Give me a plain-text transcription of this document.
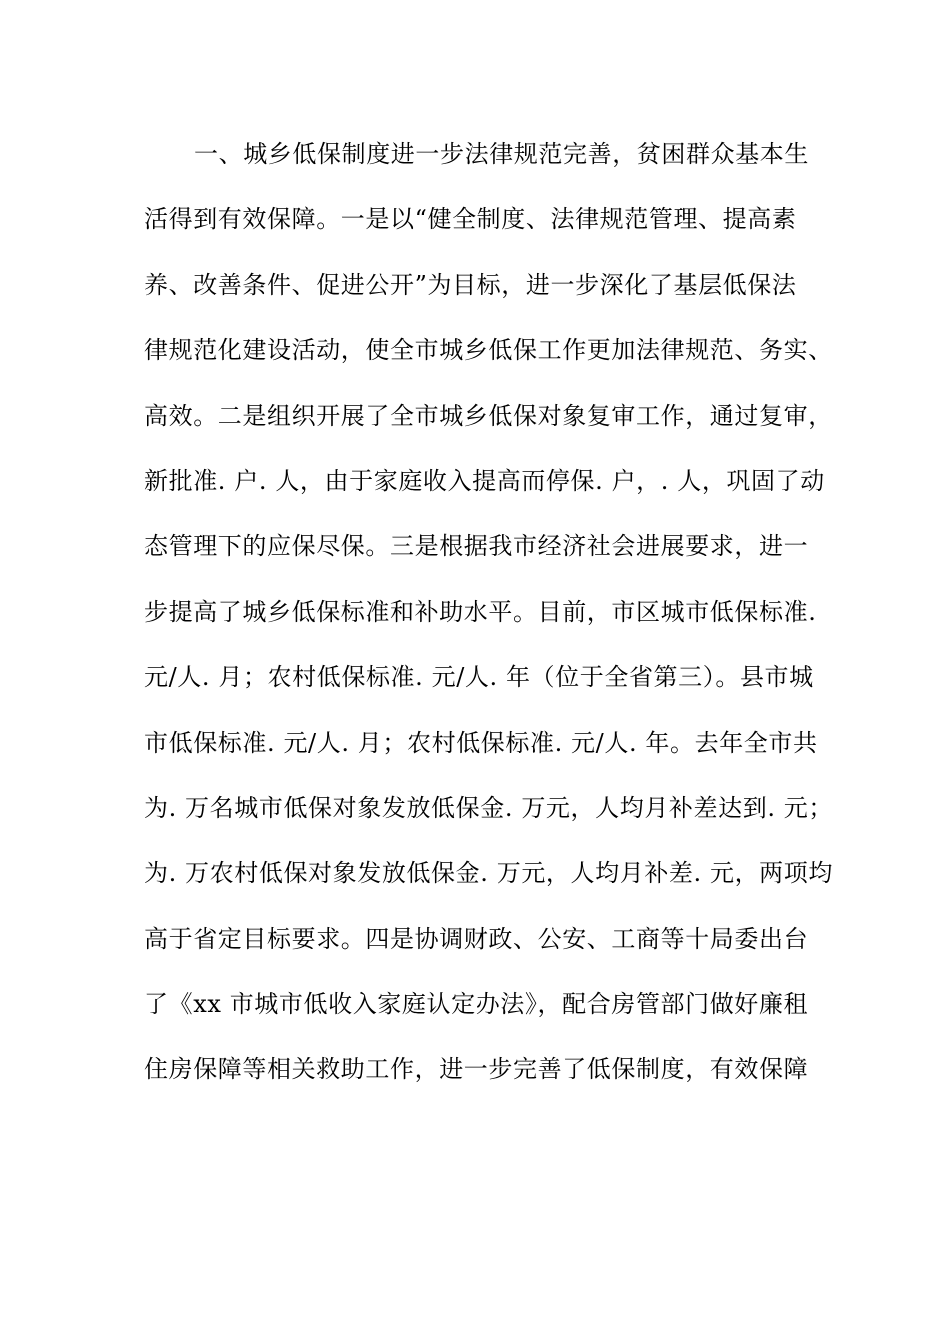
一、城乡低保制度进一步法律规范完善，贫困群众基本生
活得到有效保障。一是以“健全制度、法律规范管理、提高素
养、改善条件、促进公开”为目标，进一步深化了基层低保法
律规范化建设活动，使全市城乡低保工作更加法律规范、务实、
高效。二是组织开展了全市城乡低保对象复审工作，通过复审，
新批准. 户. 人，由于家庭收入提高而停保. 户，. 人，巩固了动
态管理下的应保尽保。三是根据我市经济社会进展要求，进一
步提高了城乡低保标准和补助水平。目前，市区城市低保标准.
元/人. 月；农村低保标准. 元/人. 年（位于全省第三）。县市城
市低保标准. 元/人. 月；农村低保标准. 元/人. 年。去年全市共
为. 万名城市低保对象发放低保金. 万元，人均月补差达到. 元；
为. 万农村低保对象发放低保金. 万元，人均月补差. 元，两项均
高于省定目标要求。四是协调财政、公安、工商等十局委出台
了《xx 市城市低收入家庭认定办法》，配合房管部门做好廉租
住房保障等相关救助工作，进一步完善了低保制度，有效保障
